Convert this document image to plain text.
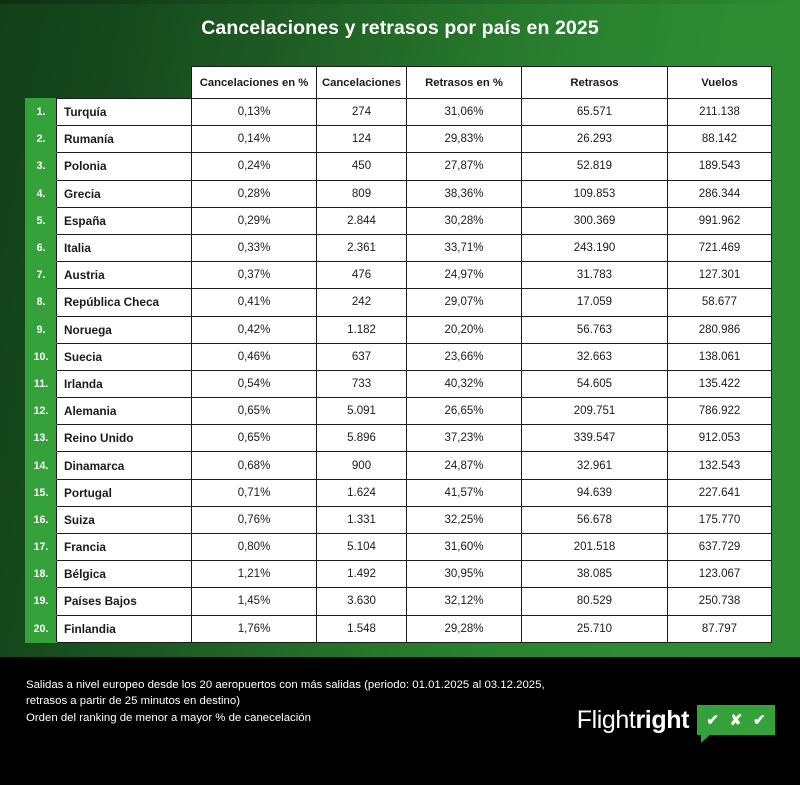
Cancelaciones y retrasos por país en 2025
		Cancelaciones en %	Cancelaciones	Retrasos en %	Retrasos	Vuelos
1.	Turquía	0,13%	274	31,06%	65.571	211.138
2.	Rumanía	0,14%	124	29,83%	26.293	88.142
3.	Polonia	0,24%	450	27,87%	52.819	189.543
4.	Grecia	0,28%	809	38,36%	109.853	286.344
5.	España	0,29%	2.844	30,28%	300.369	991.962
6.	Italia	0,33%	2.361	33,71%	243.190	721.469
7.	Austria	0,37%	476	24,97%	31.783	127.301
8.	República Checa	0,41%	242	29,07%	17.059	58.677
9.	Noruega	0,42%	1.182	20,20%	56.763	280.986
10.	Suecia	0,46%	637	23,66%	32.663	138.061
11.	Irlanda	0,54%	733	40,32%	54.605	135.422
12.	Alemania	0,65%	5.091	26,65%	209.751	786.922
13.	Reino Unido	0,65%	5.896	37,23%	339.547	912.053
14.	Dinamarca	0,68%	900	24,87%	32.961	132.543
15.	Portugal	0,71%	1.624	41,57%	94.639	227.641
16.	Suiza	0,76%	1.331	32,25%	56.678	175.770
17.	Francia	0,80%	5.104	31,60%	201.518	637.729
18.	Bélgica	1,21%	1.492	30,95%	38.085	123.067
19.	Países Bajos	1,45%	3.630	32,12%	80.529	250.738
20.	Finlandia	1,76%	1.548	29,28%	25.710	87.797
Salidas a nivel europeo desde los 20 aeropuertos con más salidas (periodo: 01.01.2025 al 03.12.2025,
retrasos a partir de 25 minutos en destino)
Orden del ranking de menor a mayor % de canecelación	Flightright ✔ ✘ ✔
